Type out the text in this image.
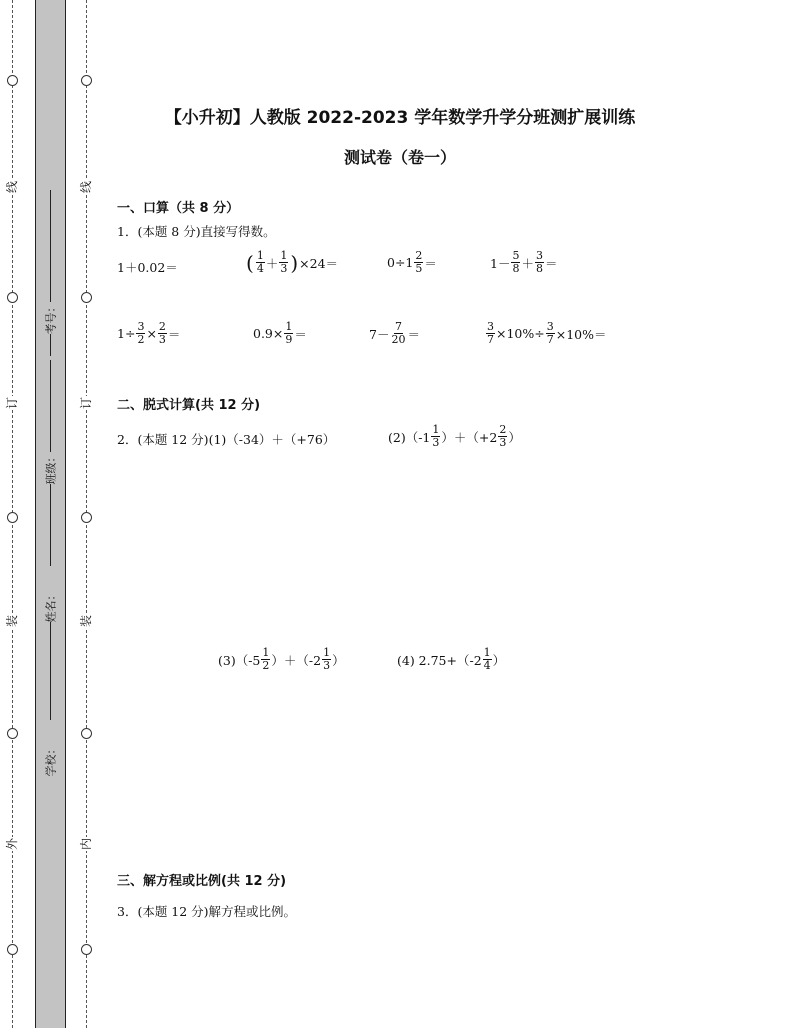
线
订
装
外
线
订
装
内
考号：
班级：
姓名：
学校：
【小升初】人教版 2022-2023 学年数学升学分班测扩展训练
测试卷（卷一）
一、口算（共 8 分）
1．(本题 8 分)直接写得数。
1＋0.02＝	( $\frac{1}{4} + \frac{1}{3}$ ) ×24＝	$0\div 1 \frac{2}{5}$ ＝	$1- \frac{5}{8} + \frac{3}{8}$ ＝
$1\div \frac{3}{2} \times \frac{2}{3}$ ＝	$0.9\times \frac{1}{9}$ ＝	$7- \frac{7}{20}$ ＝	$\frac{3}{7} \times 10\%\div \frac{3}{7} \times 10\%=$
二、脱式计算(共 12 分)
2．(本题 12 分) (1)（-34）＋（+76）	$(2)(-1 \frac{1}{3} )+(+2 \frac{2}{3}$ ）
$(3)(-5 \frac{1}{2} )+(-2 \frac{1}{3}$ ）	(4) $2.75+(-2 \frac{1}{4}$ ）
三、解方程或比例(共 12 分)
3．(本题 12 分)解方程或比例。
